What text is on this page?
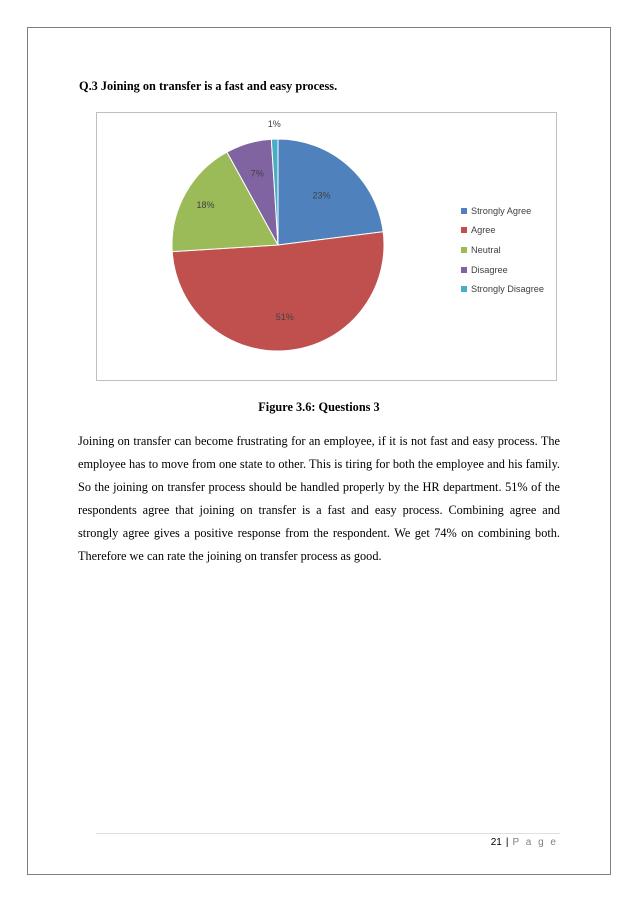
Q.3 Joining on transfer is a fast and easy process.
23%
51%
18%
7%
1%
Strongly Agree
Agree
Neutral
Disagree
Strongly Disagree
Figure 3.6: Questions 3

Joining on transfer can become frustrating for an employee, if it is not fast and easy process. The employee has to move from one state to other. This is tiring for both the employee and his family. So the joining on transfer process should be handled properly by the HR department. 51% of the respondents agree that joining on transfer is a fast and easy process. Combining agree and strongly agree gives a positive response from the respondent. We get 74% on combining both. Therefore we can rate the joining on transfer process as good.

21 | P a g e
